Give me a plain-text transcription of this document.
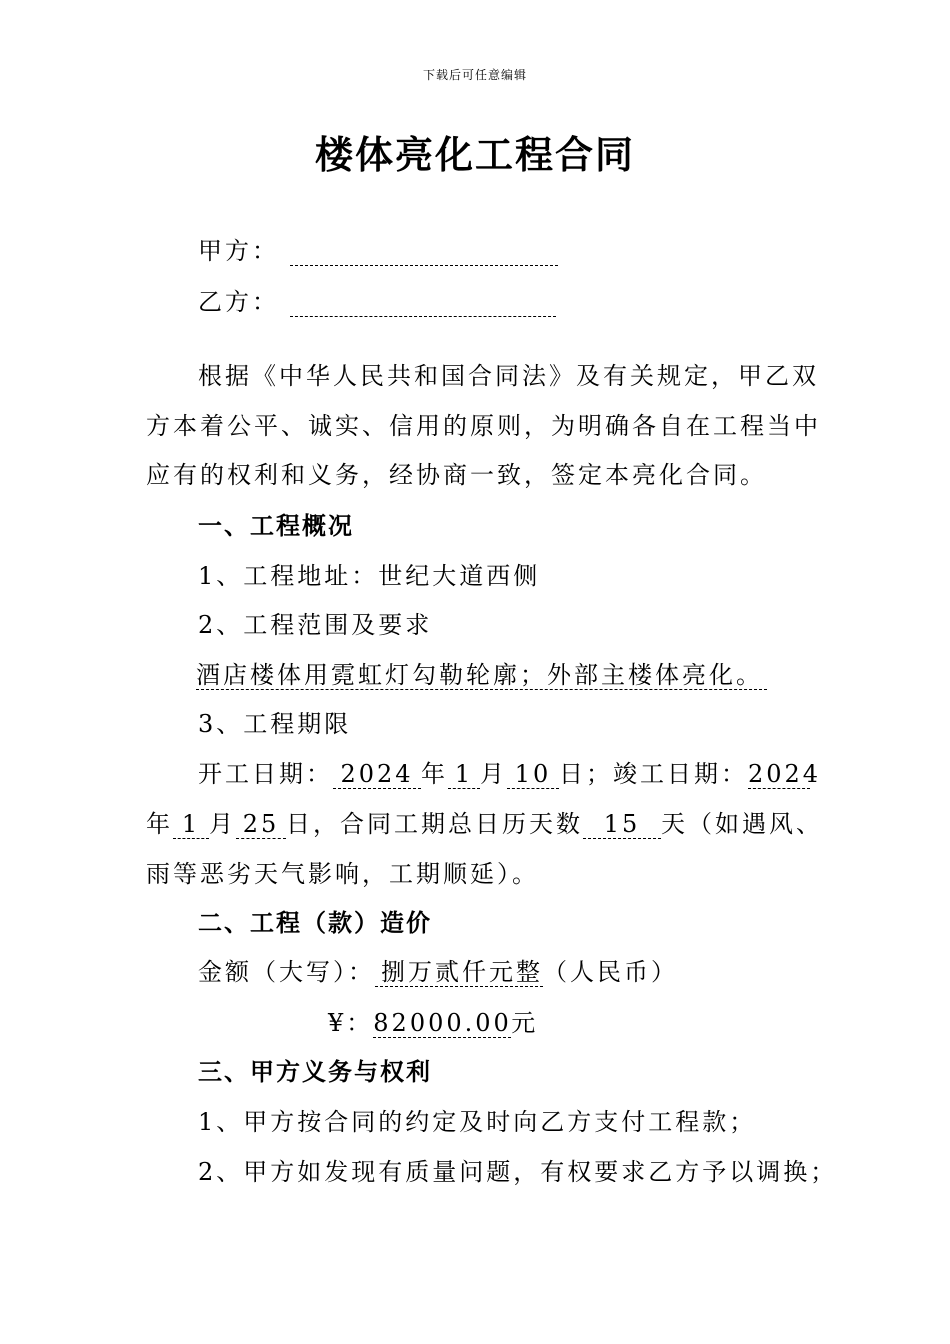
下载后可任意编辑
楼体亮化工程合同
甲方：
乙方：
根据《中华人民共和国合同法》及有关规定，甲乙双
方本着公平、诚实、信用的原则，为明确各自在工程当中
应有的权利和义务，经协商一致，签定本亮化合同。
一、工程概况
1、工程地址：世纪大道西侧
2、工程范围及要求
酒店楼体用霓虹灯勾勒轮廓；外部主楼体亮化。
3、工程期限
开工日期： 2024 年 1 月 10 日；竣工日期：2024
年 1 月 25 日，合同工期总日历天数 15 天（如遇风、
雨等恶劣天气影响，工期顺延）。
二、工程（款）造价
金额（大写）： 捌万贰仟元整（人民币）
¥：82000.00元
三、甲方义务与权利
1、甲方按合同的约定及时向乙方支付工程款；
2、甲方如发现有质量问题，有权要求乙方予以调换；
